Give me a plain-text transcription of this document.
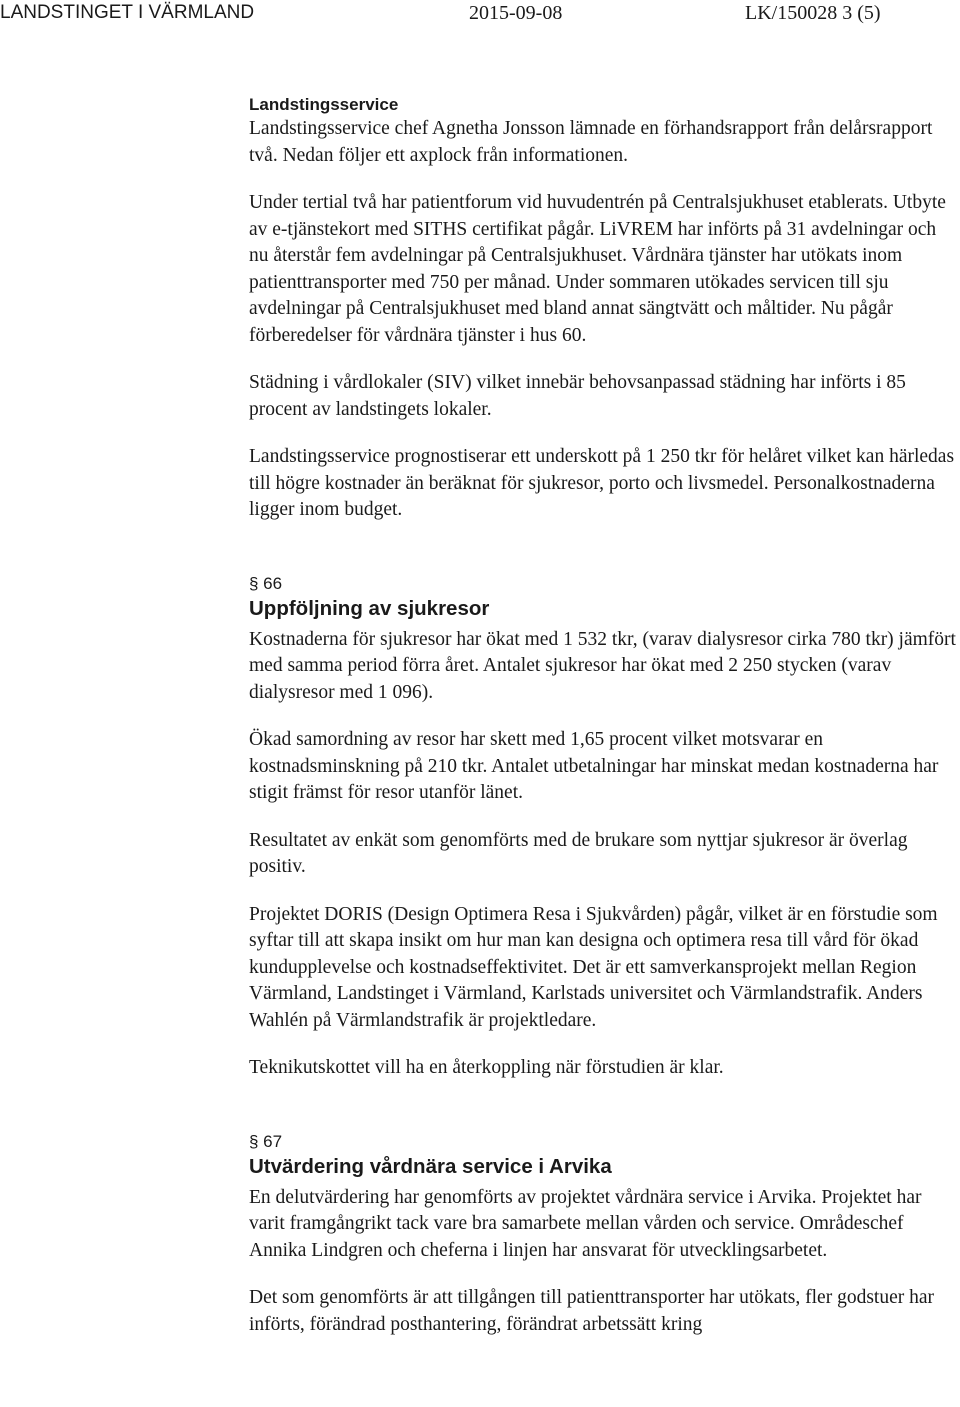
LANDSTINGET I VÄRMLAND	2015-09-08	LK/150028 3 (5)

Landstingsservice

Landstingsservice chef Agnetha Jonsson lämnade en förhandsrapport från delårsrapport två. Nedan följer ett axplock från informationen.

Under tertial två har patientforum vid huvudentrén på Centralsjukhuset etablerats. Utbyte av e-tjänstekort med SITHS certifikat pågår. LiVREM har införts på 31 avdelningar och nu återstår fem avdelningar på Centralsjukhuset. Vårdnära tjänster har utökats inom patienttransporter med 750 per månad. Under sommaren utökades servicen till sju avdelningar på Centralsjukhuset med bland annat sängtvätt och måltider. Nu pågår förberedelser för vårdnära tjänster i hus 60.

Städning i vårdlokaler (SIV) vilket innebär behovsanpassad städning har införts i 85 procent av landstingets lokaler.

Landstingsservice prognostiserar ett underskott på 1 250 tkr för helåret vilket kan härledas till högre kostnader än beräknat för sjukresor, porto och livsmedel. Personalkostnaderna ligger inom budget.

§ 66

Uppföljning av sjukresor

Kostnaderna för sjukresor har ökat med 1 532 tkr, (varav dialysresor cirka 780 tkr) jämfört med samma period förra året. Antalet sjukresor har ökat med 2 250 stycken (varav dialysresor med 1 096).

Ökad samordning av resor har skett med 1,65 procent vilket motsvarar en kostnadsminskning på 210 tkr. Antalet utbetalningar har minskat medan kostnaderna har stigit främst för resor utanför länet.

Resultatet av enkät som genomförts med de brukare som nyttjar sjukresor är överlag positiv.

Projektet DORIS (Design Optimera Resa i Sjukvården) pågår, vilket är en förstudie som syftar till att skapa insikt om hur man kan designa och optimera resa till vård för ökad kundupplevelse och kostnadseffektivitet. Det är ett samverkansprojekt mellan Region Värmland, Landstinget i Värmland, Karlstads universitet och Värmlandstrafik. Anders Wahlén på Värmlandstrafik är projektledare.

Teknikutskottet vill ha en återkoppling när förstudien är klar.

§ 67

Utvärdering vårdnära service i Arvika

En delutvärdering har genomförts av projektet vårdnära service i Arvika. Projektet har varit framgångrikt tack vare bra samarbete mellan vården och service. Områdeschef Annika Lindgren och cheferna i linjen har ansvarat för utvecklingsarbetet.

Det som genomförts är att tillgången till patienttransporter har utökats, fler godstuer har införts, förändrad posthantering, förändrat arbetssätt kring
